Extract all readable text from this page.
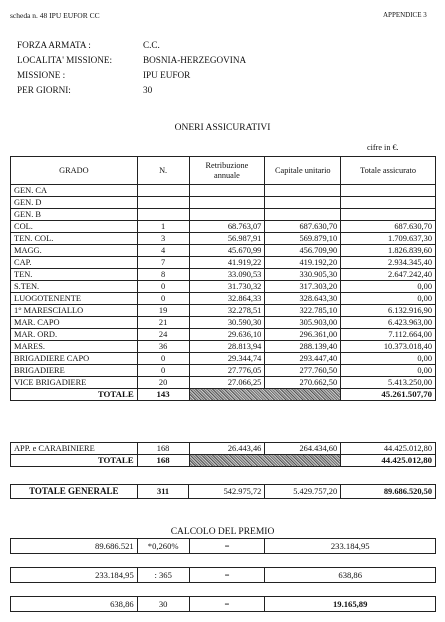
scheda n. 48 IPU EUFOR CC	APPENDICE 3
FORZA ARMATA :	C.C.
LOCALITA' MISSIONE:	BOSNIA-HERZEGOVINA
MISSIONE :	IPU EUFOR
PER GIORNI:	30
ONERI ASSICURATIVI
cifre in €.
GRADO	N.	Retribuzione annuale	Capitale unitario	Totale assicurato
GEN. CA				
GEN. D				
GEN. B				
COL.	1	68.763,07	687.630,70	687.630,70
TEN. COL.	3	56.987,91	569.879,10	1.709.637,30
MAGG.	4	45.670,99	456.709,90	1.826.839,60
CAP.	7	41.919,22	419.192,20	2.934.345,40
TEN.	8	33.090,53	330.905,30	2.647.242,40
S.TEN.	0	31.730,32	317.303,20	0,00
LUOGOTENENTE	0	32.864,33	328.643,30	0,00
1° MARESCIALLO	19	32.278,51	322.785,10	6.132.916,90
MAR. CAPO	21	30.590,30	305.903,00	6.423.963,00
MAR. ORD.	24	29.636,10	296.361,00	7.112.664,00
MARES.	36	28.813,94	288.139,40	10.373.018,40
BRIGADIERE CAPO	0	29.344,74	293.447,40	0,00
BRIGADIERE	0	27.776,05	277.760,50	0,00
VICE BRIGADIERE	20	27.066,25	270.662,50	5.413.250,00
TOTALE	143			45.261.507,70
APP. e CARABINIERE	168	26.443,46	264.434,60	44.425.012,80
TOTALE	168			44.425.012,80
TOTALE GENERALE	311	542.975,72	5.429.757,20	89.686.520,50
CALCOLO DEL PREMIO
89.686.521	*0,260%	=	233.184,95
233.184,95	: 365	=	638,86
638,86	30	=	19.165,89
